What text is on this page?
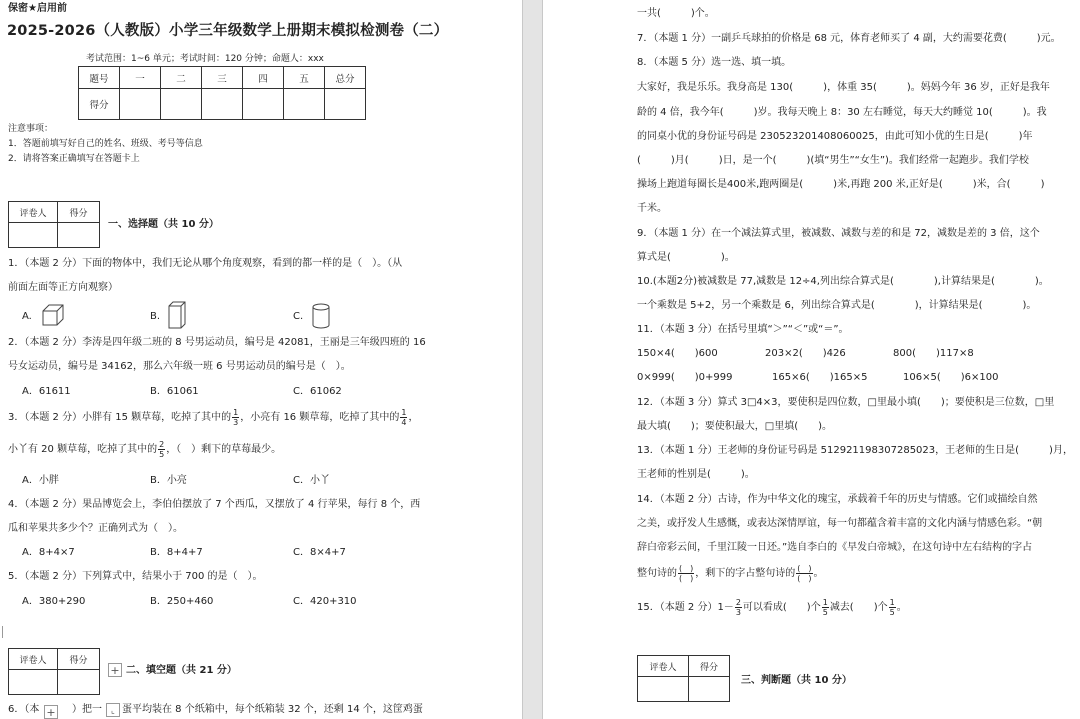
保密★启用前
2025-2026（人教版）小学三年级数学上册期末模拟检测卷（二）
考试范围：1~6 单元；考试时间：120 分钟；命题人：xxx
题号	一	二	三	四	五	总分
得分						
注意事项：
1．答题前填写好自己的姓名、班级、考号等信息
2．请将答案正确填写在答题卡上
评卷人	得分

一、选择题（共 10 分）
1．（本题 2 分）下面的物体中，我们无论从哪个角度观察，看到的都一样的是（　）。（从
前面左面等正方向观察）
A.	B.	C.
2．（本题 2 分）李涛是四年级二班的 8 号男运动员，编号是 42081，王丽是三年级四班的 16
号女运动员，编号是 34162，那么六年级一班 6 号男运动员的编号是（　）。
A．61611	B．61061	C．61062
3．（本题 2 分）小胖有 15 颗草莓，吃掉了其中的 $\frac{1}{3}$ ，小亮有 16 颗草莓，吃掉了其中的 $\frac{1}{4}$ ，
小丫有 20 颗草莓，吃掉了其中的 $\frac{2}{5}$ ，（　）剩下的草莓最少。
A．小胖	B．小亮	C．小丫
4．（本题 2 分）果品博览会上，李伯伯摆放了 7 个西瓜，又摆放了 4 行苹果，每行 8 个，西
瓜和苹果共多少个？正确列式为（　）。
A．8+4×7	B．8+4+7	C．8×4+7
5．（本题 2 分）下列算式中，结果小于 700 的是（　）。
A．380+290	B．250+460	C．420+310
评卷人	得分

+ 二、填空题（共 21 分）
6．（本	）把一 蛋平均装在 8 个纸箱中，每个纸箱装 32 个，还剩 14 个，这筐鸡蛋
+	⌞
一共(　　　)个。
7．（本题 1 分）一副乒乓球拍的价格是 68 元，体育老师买了 4 副，大约需要花费(　　　)元。
8．（本题 5 分）选一选、填一填。
大家好，我是乐乐。我身高是 130(　　　)，体重 35(　　　)。妈妈今年 36 岁，正好是我年
龄的 4 倍，我今年(　　　)岁。我每天晚上 8：30 左右睡觉，每天大约睡觉 10(　　　)。我
的同桌小优的身份证号码是 230523201408060025，由此可知小优的生日是(　　　)年
(　　　)月(　　　)日，是一个(　　　)(填“男生”“女生”)。我们经常一起跑步。我们学校
操场上跑道每圈长是400米,跑两圈是(　　　)米,再跑 200 米,正好是(　　　)米，合(　　　)
千米。
9．（本题 1 分）在一个减法算式里，被减数、减数与差的和是 72，减数是差的 3 倍，这个
算式是(　　　　　)。
10.(本题2分)被减数是 77,减数是 12÷4,列出综合算式是(　　　　),计算结果是(　　　　)。
一个乘数是 5+2，另一个乘数是 6，列出综合算式是(　　　　)，计算结果是(　　　　)。
11．（本题 3 分）在括号里填“＞”“＜”或“＝”。
150×4(　　)600	203×2(　　)426	800(　　)117×8
0×999(　　)0+999	165×6(　　)165×5	106×5(　　)6×100
12．（本题 3 分）算式 3□4×3，要使积是四位数，□里最小填(　　)；要使积是三位数，□里
最大填(　　)；要使积最大，□里填(　　)。
13．（本题 1 分）王老师的身份证号码是 512921198307285023，王老师的生日是(　　　)月，
王老师的性别是(　　　)。
14．（本题 2 分）古诗，作为中华文化的瑰宝，承载着千年的历史与情感。它们或描绘自然
之美，或抒发人生感慨，或表达深情厚谊，每一句都蕴含着丰富的文化内涵与情感色彩。“朝
辞白帝彩云间，千里江陵一日还。”选自李白的《早发白帝城》，在这句诗中左右结构的字占
整句诗的 $\frac{( )}{( )}$ ，剩下的字占整句诗的 $\frac{( )}{( )}$ 。
15．（本题 2 分）$1- \frac{2}{3}$ 可以看成(　　)个 $\frac{1}{5}$ 减去(　　)个 $\frac{1}{5}$ 。
评卷人	得分

三、判断题（共 10 分）
